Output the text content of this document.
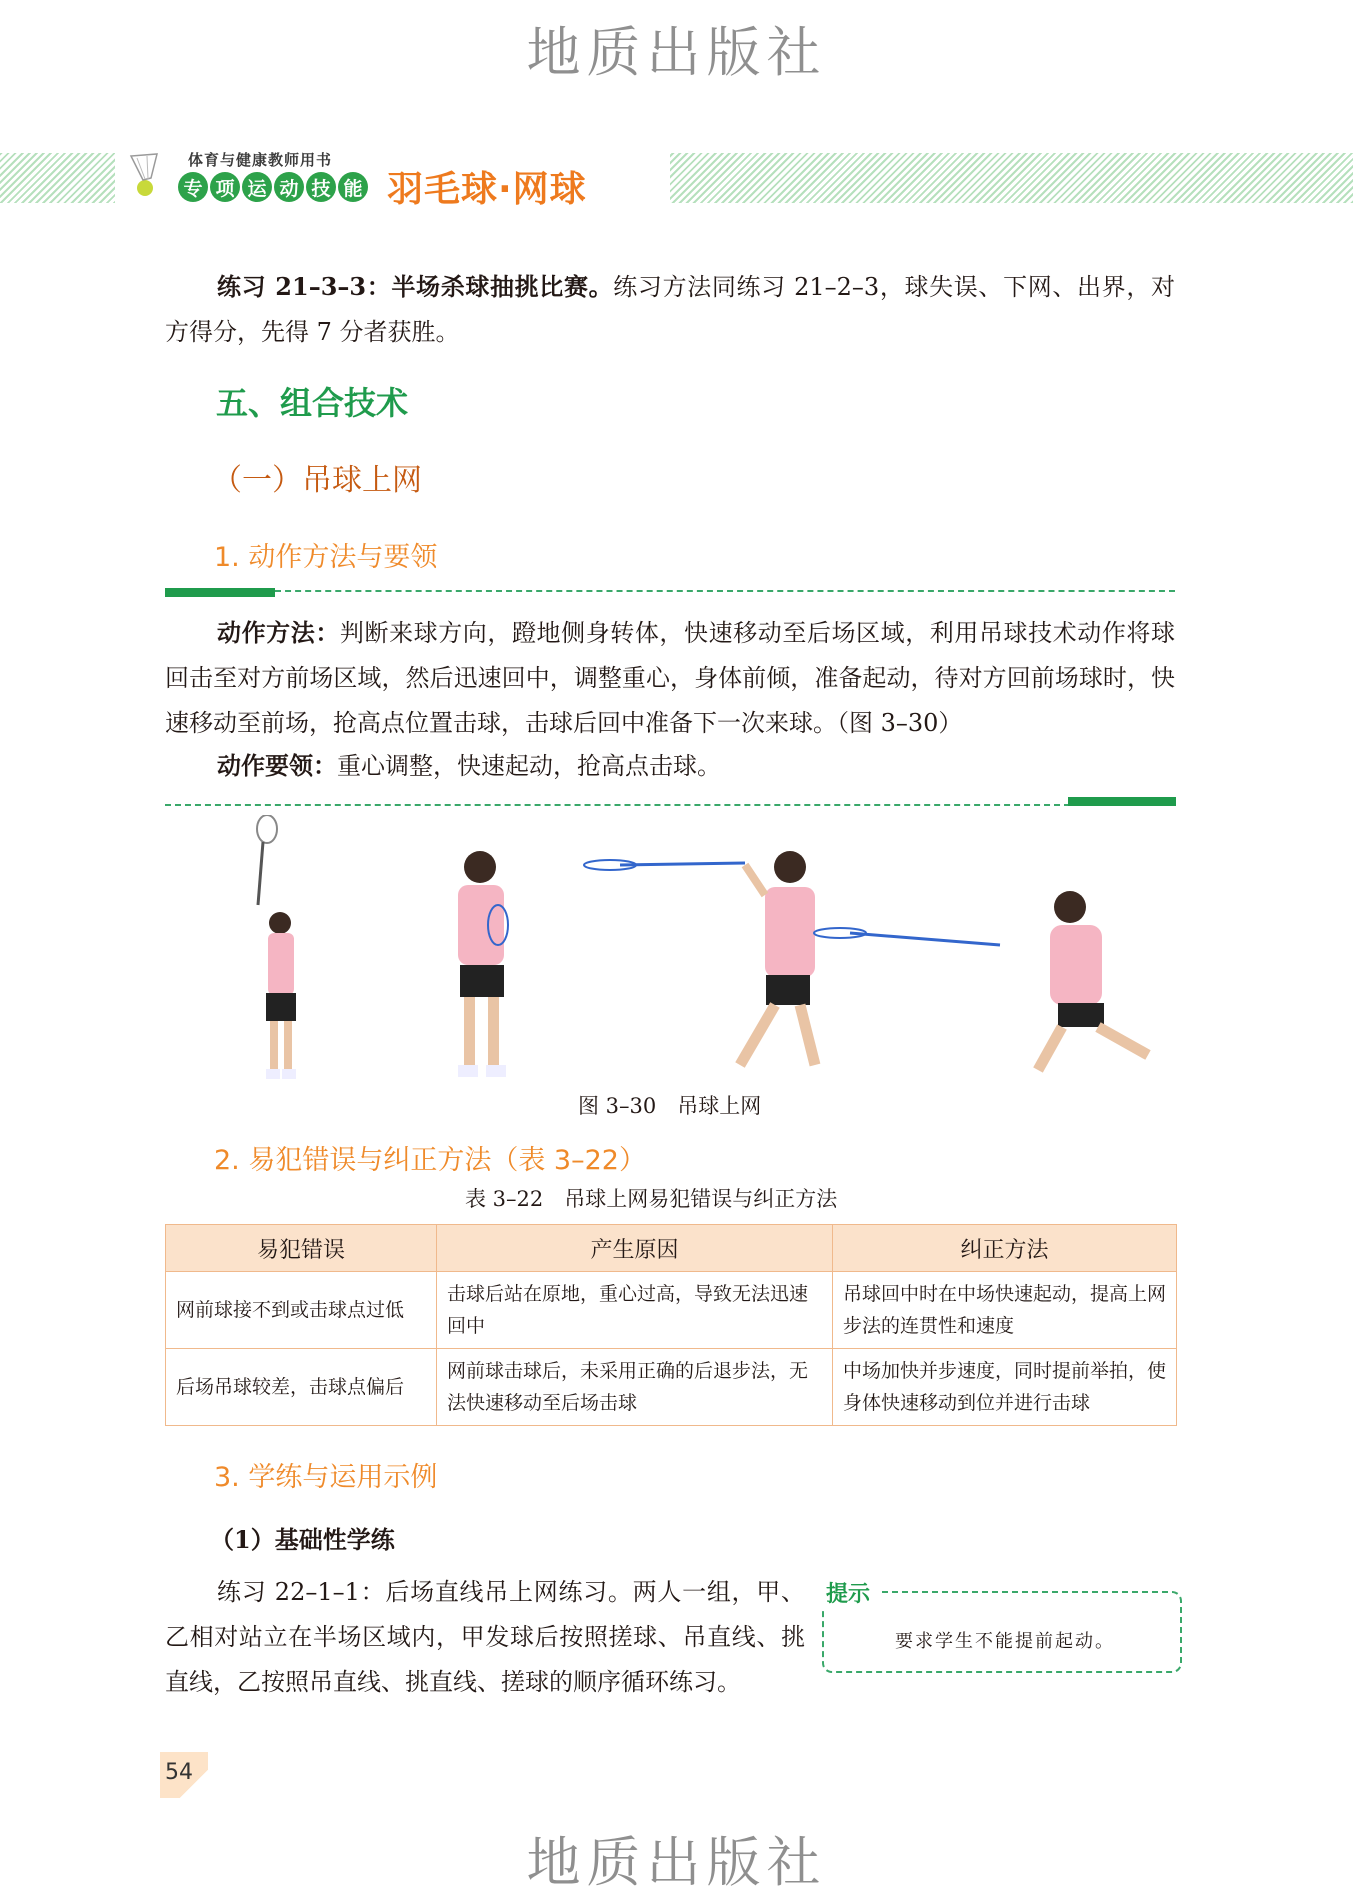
地质出版社
地质出版社
体育与健康教师用书
专 项 运 动 技 能 羽毛球·网球
练习 21–3–3：半场杀球抽挑比赛。练习方法同练习 21–2–3，球失误、下网、出界，对方得分，先得 7 分者获胜。
五、组合技术
（一）吊球上网
1. 动作方法与要领
动作方法：判断来球方向，蹬地侧身转体，快速移动至后场区域，利用吊球技术动作将球回击至对方前场区域，然后迅速回中，调整重心，身体前倾，准备起动，待对方回前场球时，快速移动至前场，抢高点位置击球，击球后回中准备下一次来球。（图 3–30）
动作要领：重心调整，快速起动，抢高点击球。
图 3–30　吊球上网
2. 易犯错误与纠正方法（表 3–22）
表 3–22　吊球上网易犯错误与纠正方法
易犯错误	产生原因	纠正方法
网前球接不到或击球点过低	击球后站在原地，重心过高，导致无法迅速回中	吊球回中时在中场快速起动，提高上网步法的连贯性和速度
后场吊球较差，击球点偏后	网前球击球后，未采用正确的后退步法，无法快速移动至后场击球	中场加快并步速度，同时提前举拍，使身体快速移动到位并进行击球
3. 学练与运用示例
（1）基础性学练
练习 22–1–1：后场直线吊上网练习。两人一组，甲、乙相对站立在半场区域内，甲发球后按照搓球、吊直线、挑直线，乙按照吊直线、挑直线、搓球的顺序循环练习。
提示
要求学生不能提前起动。
54
